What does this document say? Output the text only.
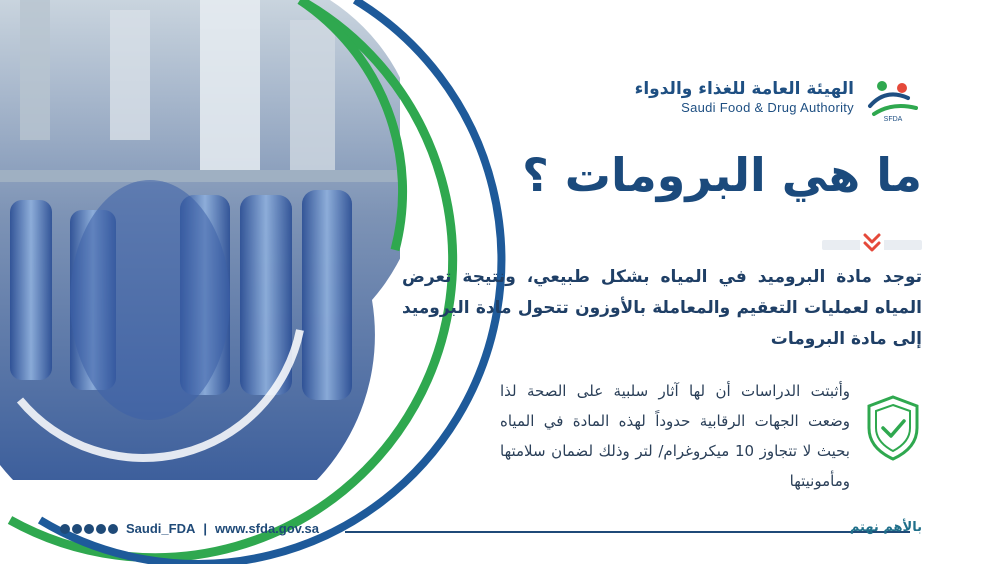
الهيئة العامة للغذاء والدواء
Saudi Food & Drug Authority
SFDA
ما هي البرومات ؟

توجد مادة البروميد في المياه بشكل طبيعي، ونتيجة تعرض المياه لعمليات التعقيم والمعاملة بالأوزون تتحول مادة البروميد إلى مادة البرومات

وأثبتت الدراسات أن لها آثار سلبية على الصحة لذا وضعت الجهات الرقابية حدوداً لهذه المادة في المياه بحيث لا تتجاوز 10 ميكروغرام/ لتر وذلك لضمان سلامتها ومأمونيتها

Saudi_FDA | www.sfda.gov.sa	بالأهم نهتم
